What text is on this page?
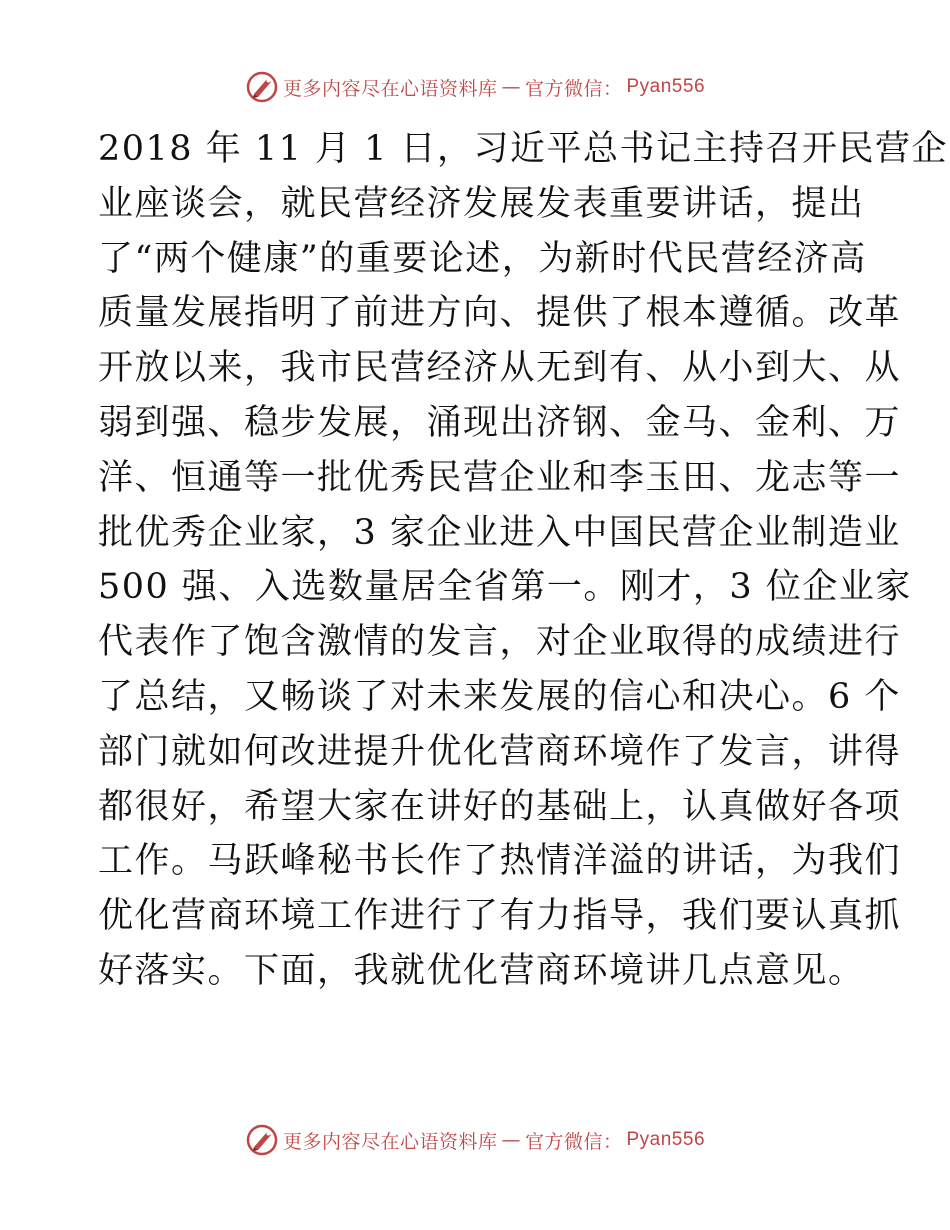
更多内容尽在心语资料库 — 官方微信： Pyan556
2018 年 11 月 1 日，习近平总书记主持召开民营企
业座谈会，就民营经济发展发表重要讲话，提出
了“两个健康”的重要论述，为新时代民营经济高
质量发展指明了前进方向、提供了根本遵循。改革
开放以来，我市民营经济从无到有、从小到大、从
弱到强、稳步发展，涌现出济钢、金马、金利、万
洋、恒通等一批优秀民营企业和李玉田、龙志等一
批优秀企业家，3 家企业进入中国民营企业制造业
500 强、入选数量居全省第一。刚才，3 位企业家
代表作了饱含激情的发言，对企业取得的成绩进行
了总结，又畅谈了对未来发展的信心和决心。6 个
部门就如何改进提升优化营商环境作了发言，讲得
都很好，希望大家在讲好的基础上，认真做好各项
工作。马跃峰秘书长作了热情洋溢的讲话，为我们
优化营商环境工作进行了有力指导，我们要认真抓
好落实。下面，我就优化营商环境讲几点意见。
更多内容尽在心语资料库 — 官方微信： Pyan556
